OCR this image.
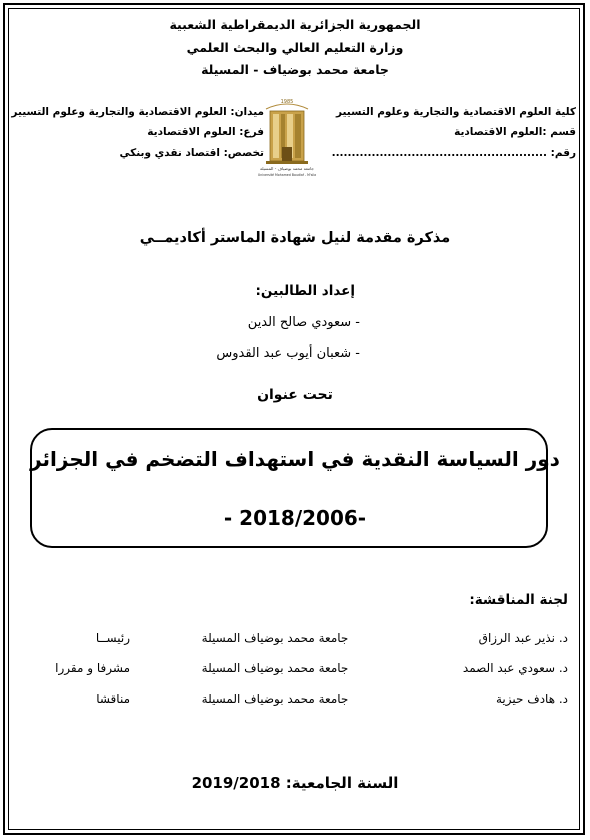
الجمهورية الجزائرية الديمقراطية الشعبية
وزارة التعليم العالي والبحث العلمي
جامعة محمد بوضياف - المسيلة
كلية العلوم الاقتصادية والتجارية وعلوم التسيير
قسم :العلوم الاقتصادية
رقم: ......................................................
ميدان: العلوم الاقتصادية والتجارية وعلوم التسيير
فرع: العلوم الاقتصادية
تخصص: اقتصاد نقدي وبنكي
1985
جامعة محمد بوضياف - المسيلة
Université Mohamed Boudiaf - M'sila
مذكرة مقدمة لنيل شهادة الماستر أكاديمــي
إعداد الطالبين:
- سعودي صالح الدين
- شعبان أيوب عبد القدوس
تحت عنوان
دور السياسة النقدية في استهداف التضخم في الجزائر
- 2018/2006-
لجنة المناقشة:
د. نذير عبد الرزاق
جامعة محمد بوضياف المسيلة
رئيســا
د. سعودي عبد الصمد
جامعة محمد بوضياف المسيلة
مشرفا و مقررا
د. هادف حيزية
جامعة محمد بوضياف المسيلة
مناقشا
السنة الجامعية: 2019/2018
